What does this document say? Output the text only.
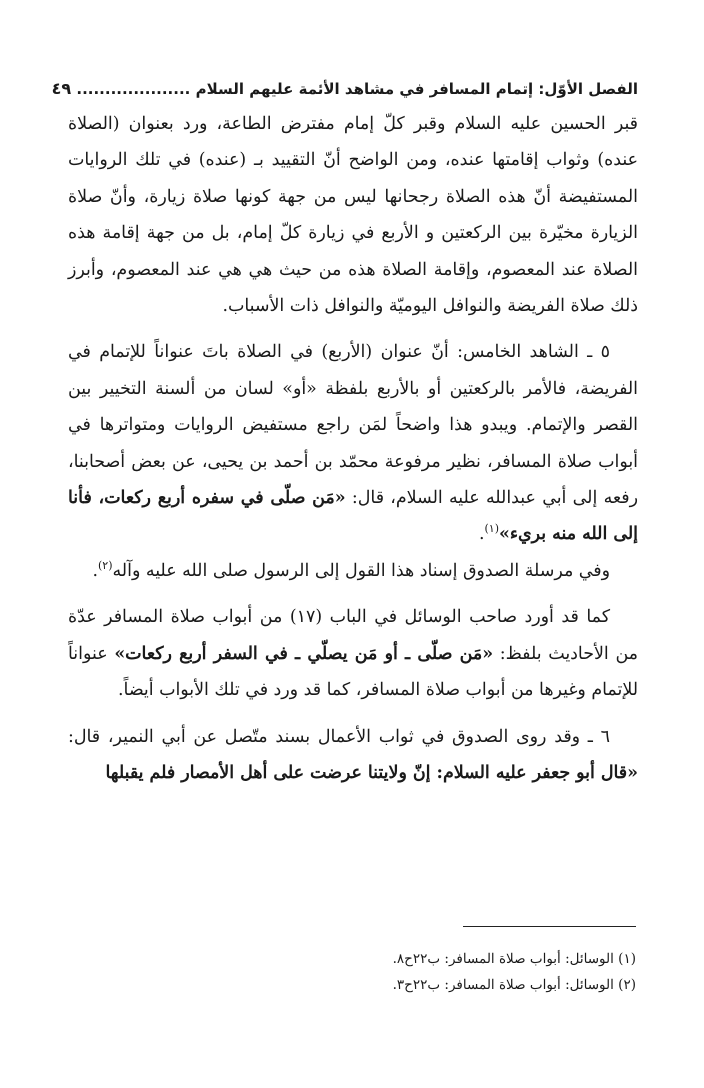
الفصل الأوّل: إتمام المسافر في مشاهد الأئمة عليهم السلام .................... ٤٩

قبر الحسين عليه السلام وقبر كلّ إمام مفترض الطاعة، ورد بعنوان (الصلاة عنده) وثواب إقامتها عنده، ومن الواضح أنّ التقييد بـ (عنده) في تلك الروايات المستفيضة أنّ هذه الصلاة رجحانها ليس من جهة كونها صلاة زيارة، وأنّ صلاة الزيارة مخيّرة بين الركعتين و الأربع في زيارة كلّ إمام، بل من جهة إقامة هذه الصلاة عند المعصوم، وإقامة الصلاة هذه من حيث هي هي عند المعصوم، وأبرز ذلك صلاة الفريضة والنوافل اليوميّة والنوافل ذات الأسباب.

٥ ـ الشاهد الخامس: أنّ عنوان (الأربع) في الصلاة باتَ عنواناً للإتمام في الفريضة، فالأمر بالركعتين أو بالأربع بلفظة «أو» لسان من ألسنة التخيير بين القصر والإتمام. ويبدو هذا واضحاً لمَن راجع مستفيض الروايات ومتواترها في أبواب صلاة المسافر، نظير مرفوعة محمّد بن أحمد بن يحيى، عن بعض أصحابنا، رفعه إلى أبي عبدالله عليه السلام، قال: «مَن صلّى في سفره أربع ركعات، فأنا إلى الله منه بريء»$^{(١)}$.

وفي مرسلة الصدوق إسناد هذا القول إلى الرسول صلى الله عليه وآله$^{(٢)}$.

كما قد أورد صاحب الوسائل في الباب (١٧) من أبواب صلاة المسافر عدّة من الأحاديث بلفظ: «مَن صلّى ـ أو مَن يصلّي ـ في السفر أربع ركعات» عنواناً للإتمام وغيرها من أبواب صلاة المسافر، كما قد ورد في تلك الأبواب أيضاً.

٦ ـ وقد روى الصدوق في ثواب الأعمال بسند متّصل عن أبي النمير، قال: «قال أبو جعفر عليه السلام: إنّ ولايتنا عرضت على أهل الأمصار فلم يقبلها

(١) الوسائل: أبواب صلاة المسافر: ب٢٢ح٨.
(٢) الوسائل: أبواب صلاة المسافر: ب٢٢ح٣.
